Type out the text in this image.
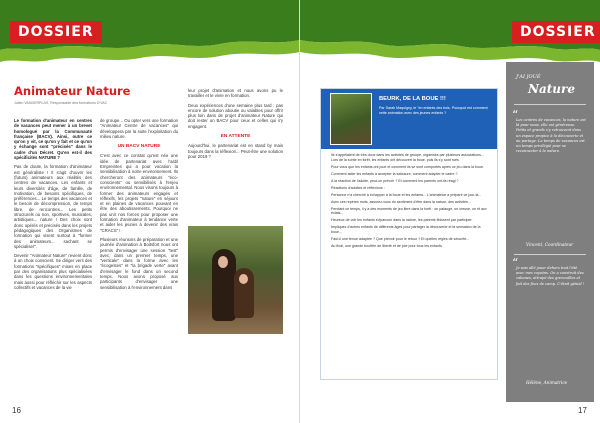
DOSSIER
Animateur Nature
Julien VANDERPLAS, Responsable des formations D'VAC

Le formation d'animateur en centres de vacances peut mener à un brevet homologué par la Communauté française (BACV). Ainsi, outre ce qu'on y vit, ce qu'on y fait et ce qu'on y échange sont "précisés" dans le cadre d'un Décret. Qu'en est-il des spécificités NATURE ?

Pas de doute, la formation d'animateur est généraliste ! Il s'agit d'ouvrir les (futurs) animateurs aux réalités des centres de vacances. Les enfants et leurs diversités d'âge, de famille, de motivation, de besoins spécifiques, de préférences... Le temps des vacances et le besoin de décompression, de temps libre, de rencontres... Les petits structurels ou non, sportives, musicales, artistiques... nature ! Des choix sont donc opérés et précisés dans les projets pédagogiques des Organismes de formation qui visent surtout à "former des animateurs... sachant se spécialiser".

Devenir "Animateur Nature" revient donc à un choix conscient. Se diriger vers des formations "spécifiques" mises en place par des organisations plus spécialisées dans les questions environnementales mais aussi pour réfléchir sur les aspects collectifs et vacances de la vie

de groupe... Ou opter vers une formation "Animateur Centre de vacances" qui développera par la suite l'exploitation du milieu nature.

UN BACV NATURE

C'est avec ce constat qu'est née une idée de partenariat avec l'asbl Empreintes qui a pour vocation la sensibilisation à notre environnement. Ils chercheront des animateurs "éco-conscients" ou sensibilisés à l'enjeu environnemental. Nous visons toujours à former des animateurs engagés et réflexifs, les projets "nature" en séjours et en plaines de vacances pouvant en être des aboutissements. Pourquoi ne pas unir nos forces pour proposer une formation d'animateur à tendance verte et aider les jeunes à devenir des vrais "CRACS" !

Plusieurs réunions de préparation et une journée d'animation à Boitsfort nous ont permis d'envisager une session "test" avec, dans un premier temps, une "verticale" dans la forme avec les "écogestes" et "la brigade verte" avant d'envisager le fond dans un second temps. Nous avons proposé aux participants d'envisager une sensibilisation à l'environnement dans

leur projet d'animation et nous avons pu le travailler et le vivre en formation.

Deux expériences d'une semaine plus tard : pas encore de solution aboutie ou valables pour offrir plus loin dans de projet d'animateur Nature qui doit rester un BACV pour ceux et celles qui s'y engagent.

EN ATTENTE

Aujourd'hui, le partenariat est en stand by mais toujours dans la réflexion... Peut-être une solution pour 2019 ?

16
DOSSIER
17
BEURK, DE LA BOUE !!!
Par Sarah Maquigny, le "en enfants des bois. Pourquoi est comment cette animation avec des jeunes enfants ?

Ils s'appelaient de très doux dans les activités de groupe, organisés par plusieurs associations... Lors de la sortie en forêt, les enfants ont découvert la boue, puis ils s'y sont rués.

Pour vous que les enfants ont joué et comment ils se sont comportés après ce jeu dans la boue.

Comment aider les enfants à accepter la salissure, comment adapter le cadre ?

A la réaction de l'adulte, peut-on prévoir ? Et comment les parents ont-ils réagi ?

Réactions d'adultes et réflexions :

Personne n'a cherché à échapper à la boue et les enfants... L'animatrice a préparé ce jour-là...

Avec ces repères mots, assurez-vous du sentiment d'être dans la nature, des activités...

Pendant ce temps, il y a des moments de jeu libre dans la forêt : on patauge, on creuse, on rit aux éclats...

Heureux de voir les enfants s'épanouir dans la nature, les parents finissent par participer.

Impliquez d'autres enfants de différents âges pour partager la découverte et la sensation de la boue...

Faut-il une tenue adaptée ? Que prévoir pour le retour ? Et quelles règles de sécurité...

Au final, une grande bouffée de liberté et de joie pour tous les enfants.

J'AI JOUÉ
Nature
“
Les centres de vacances, la nature est là pour nous, elle est généreuse. Petits et grands s'y retrouvent dans un espace propice à la découverte et au partage. Le temps de vacances est un temps privilégié pour se reconnecter à la nature.
Vincent, Coordinateur
“
Je suis allé jouer dehors tout l'été avec mes copains. On a construit des cabanes, attrapé des grenouilles et fait des feux de camp. C'était génial !
Hélène, Animatrice
